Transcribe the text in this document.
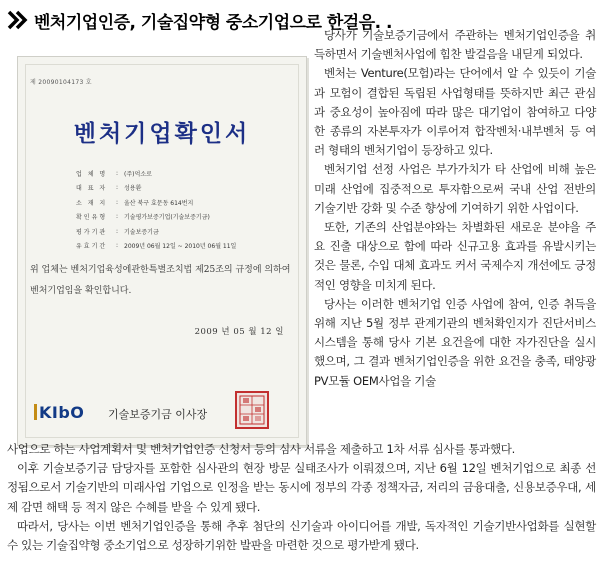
벤처기업인증, 기술집약형 중소기업으로 한걸음. .
제 20090104173 호
벤처기업확인서
업 체 명	: (주)억소로
대 표 자	: 성용환
소 재 지	: 울산 북구 효문동 614번지
확인유형	: 기술평가보증기업(기술보증기금)
평가기관	: 기술보증기금
유효기간	: 2009년 06월 12일 ~ 2010년 06월 11일
위 업체는 벤처기업육성에관한특별조치법 제25조의 규정에 의하여 벤처기업임을 확인합니다.
2009 년 05 월 12 일
KIbO 기술보증기금 이사장

당사가 기술보증기금에서 주관하는 벤처기업인증을 취득하면서 기술벤처사업에 힘찬 발걸음을 내딛게 되었다.

벤처는 Venture(모험)라는 단어에서 알 수 있듯이 기술과 모험이 결합된 독립된 사업형태를 뜻하지만 최근 관심과 중요성이 높아짐에 따라 많은 대기업이 참여하고 다양한 종류의 자본투자가 이루어져 합작벤처·내부벤처 등 여러 형태의 벤처기업이 등장하고 있다.

벤처기업 선정 사업은 부가가치가 타 산업에 비해 높은 미래 산업에 집중적으로 투자함으로써 국내 산업 전반의 기술기반 강화 및 수준 향상에 기여하기 위한 사업이다.

또한, 기존의 산업분야와는 차별화된 새로운 분야을 주요 진출 대상으로 함에 따라 신규고용 효과를 유발시키는 것은 물론, 수입 대체 효과도 커서 국제수지 개선에도 긍정적인 영향을 미치게 된다.

당사는 이러한 벤처기업 인증 사업에 참여, 인증 취득을 위해 지난 5월 정부 관계기관의 벤처확인지가 진단서비스 시스템을 통해 당사 기본 요건을에 대한 자가진단을 실시했으며, 그 결과 벤처기업인증을 위한 요건을 충족, 태양광 PV모듈 OEM사업을 기술

사업으로 하는 사업계획서 및 벤처기업인증 신청서 등의 심사 서류을 제출하고 1차 서류 심사를 통과했다.

이후 기술보증기금 담당자를 포함한 심사관의 현장 방문 실태조사가 이뤄졌으며, 지난 6월 12일 벤처기업으로 최종 선정됨으로서 기술기반의 미래사업 기업으로 인정을 받는 동시에 정부의 각종 정책자금, 저리의 금융대출, 신용보증우대, 세제 감면 해택 등 적지 않은 수혜를 받을 수 있게 됐다.

따라서, 당사는 이번 벤처기업인증을 통해 추후 첨단의 신기술과 아이디어를 개발, 독자적인 기술기반사업화를 실현할 수 있는 기술집약형 중소기업으로 성장하기위한 발판을 마련한 것으로 평가받게 됐다.
